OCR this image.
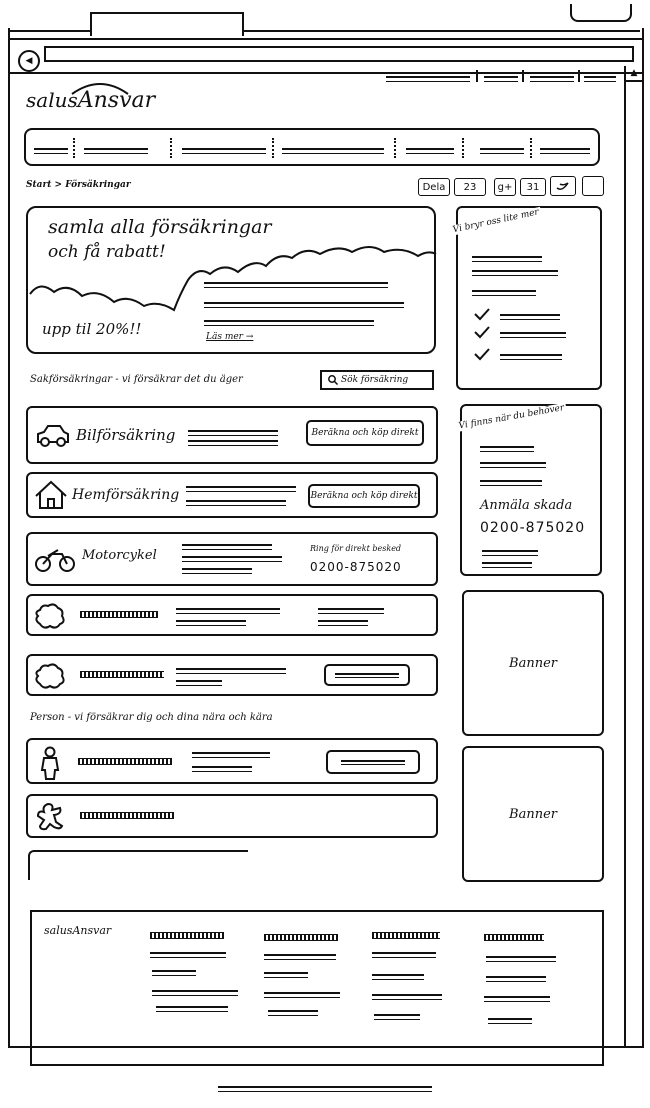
◀
▲
salusAnsvar
Start > Försäkringar	Dela	23	g+	31
samla alla försäkringar
och få rabatt!
upp til 20%!!	Läs mer →
Sakförsäkringar - vi försäkrar det du äger	Sök försäkring
Bilförsäkring	Beräkna och köp direkt
Hemförsäkring	Beräkna och köp direkt
Motorcykel	Ring för direkt besked
0200-875020
Person - vi försäkrar dig och dina nära och kära
Vi bryr oss lite mer
Vi finns när du behöver
Anmäla skada
0200-875020
Banner
Banner
salusAnsvar
